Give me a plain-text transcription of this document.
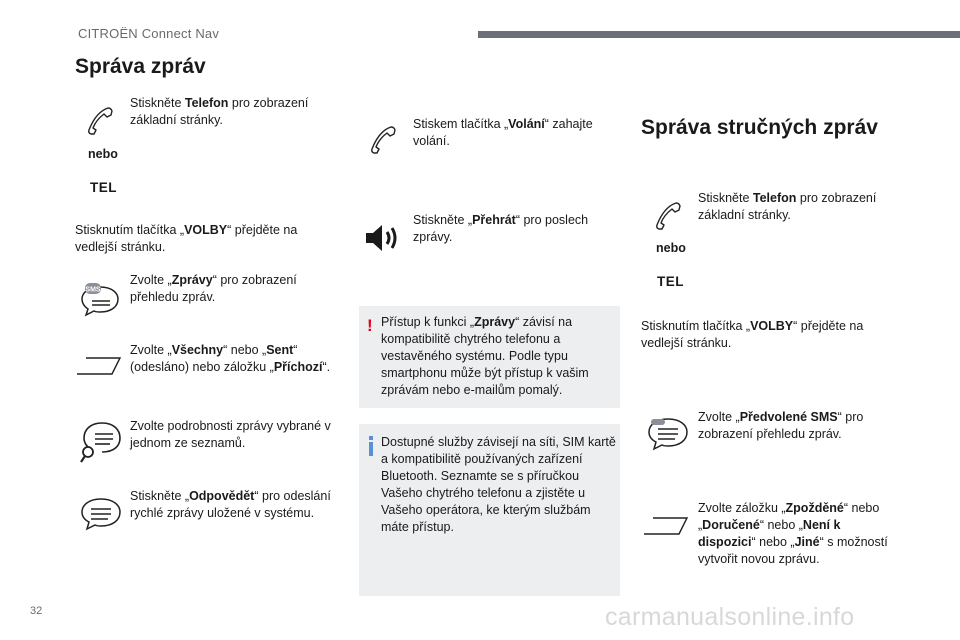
CITROËN Connect Nav
Správa zpráv
Stiskněte Telefon pro zobrazení základní stránky.
nebo
TEL
Stisknutím tlačítka „VOLBY“ přejděte na vedlejší stránku.
SMS
Zvolte „Zprávy“ pro zobrazení přehledu zpráv.
Zvolte „Všechny“ nebo „Sent“ (odesláno) nebo záložku „Příchozí“.
Zvolte podrobnosti zprávy vybrané v jednom ze seznamů.
Stiskněte „Odpovědět“ pro odeslání rychlé zprávy uložené v systému.
Stiskem tlačítka „Volání“ zahajte volání.
Stiskněte „Přehrát“ pro poslech zprávy.
! Přístup k funkci „Zprávy“ závisí na kompatibilitě chytrého telefonu a vestavěného systému. Podle typu smartphonu může být přístup k vašim zprávám nebo e-mailům pomalý.
Dostupné služby závisejí na síti, SIM kartě a kompatibilitě používaných zařízení Bluetooth. Seznamte se s příručkou Vašeho chytrého telefonu a zjistěte u Vašeho operátora, ke kterým službám máte přístup.
Správa stručných zpráv
Stiskněte Telefon pro zobrazení základní stránky.
nebo
TEL
Stisknutím tlačítka „VOLBY“ přejděte na vedlejší stránku.
Zvolte „Předvolené SMS“ pro zobrazení přehledu zpráv.
Zvolte záložku „Zpožděné“ nebo „Doručené“ nebo „Není k dispozici“ nebo „Jiné“ s možností vytvořit novou zprávu.
32	carmanualsonline.info
